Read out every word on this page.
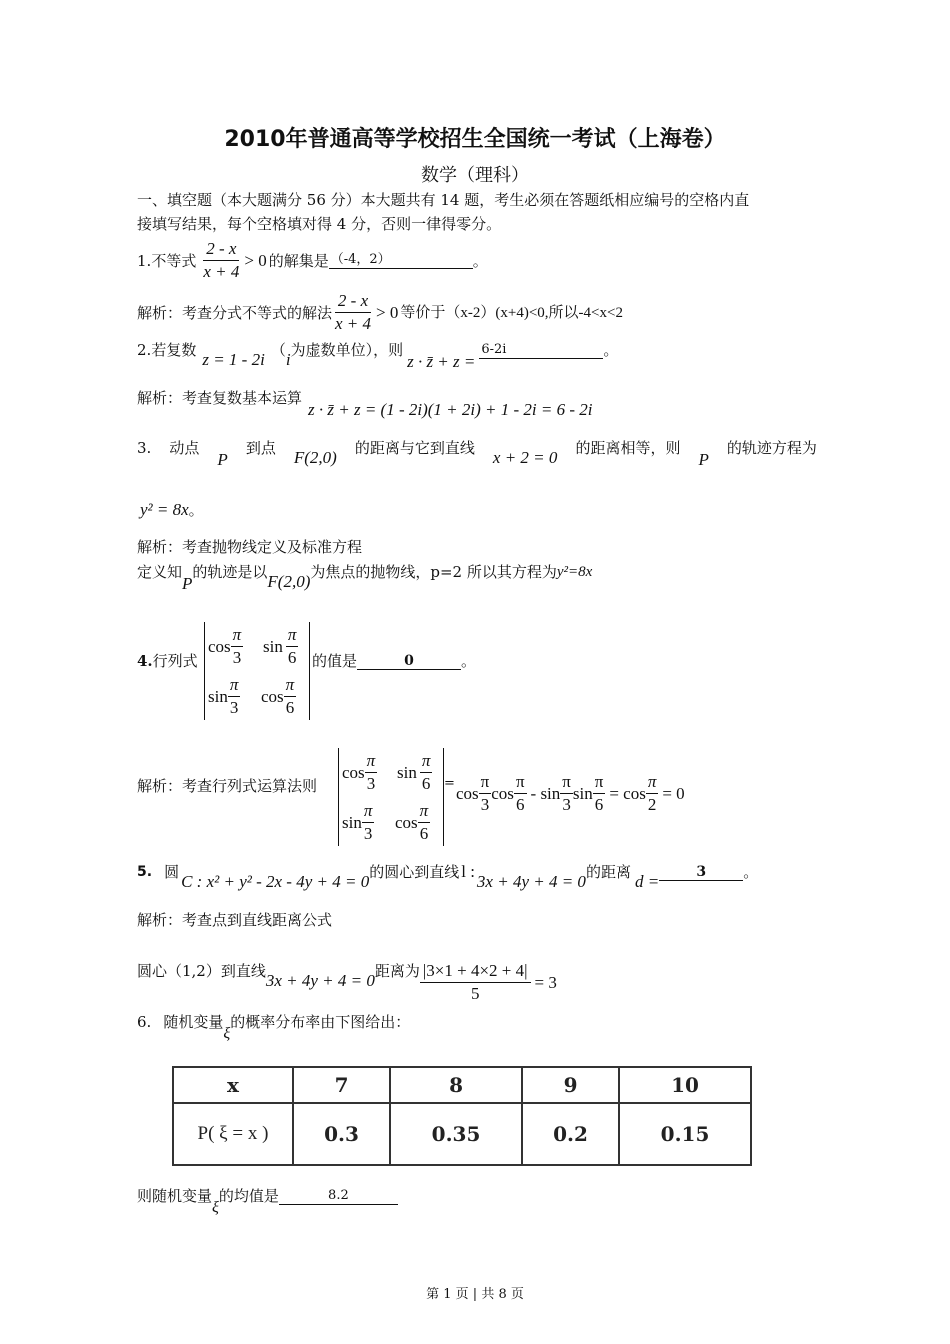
2010年普通高等学校招生全国统一考试（上海卷）
数学（理科）
一、填空题（本大题满分 56 分）本大题共有 14 题，考生必须在答题纸相应编号的空格内直
接填写结果，每个空格填对得 4 分，否则一律得零分。
1. 不等式 $\frac{2 - x}{x + 4} > 0$ 的解集是 （-4，2）	。
解析：考查分式不等式的解法 $\frac{2 - x}{x + 4} > 0$ 等价于（x-2）(x+4)<0,所以-4<x<2
2. 若复数 z = 1 - 2i （ i 为虚数单位），则
z · z̄ + z =
6-2i	。
解析：考查复数基本运算
z · z̄ + z = (1 - 2i)(1 + 2i) + 1 - 2i = 6 - 2i
3. 动点
P
到点 F(2,0) 的距离与它到直线 x + 2 = 0 的距离相等，则
P
的轨迹方程为
y² = 8x 。
解析：考查抛物线定义及标准方程
定义知
P
的轨迹是以 F(2,0) 为焦点的抛物线，p=2 所以其方程为 y²=8x
4. 行列式
$\cos \frac{\pi}{3}$ $\sin \frac{\pi}{6}$
$\sin \frac{\pi}{3}$ $\cos \frac{\pi}{6}$
的值是	0	。
解析：考查行列式运算法则
$\cos \frac{\pi}{3}$ $\sin \frac{\pi}{6}$
$\sin \frac{\pi}{3}$ $\cos \frac{\pi}{6}$
= $\cos \frac{\pi}{3}$ $\cos \frac{\pi}{6}$ - $\sin \frac{\pi}{3}$ $\sin \frac{\pi}{6} = \cos \frac{\pi}{2} = 0$
5. 圆 C : x² + y² - 2x - 4y + 4 = 0 的圆心到直线 l :
3x + 4y + 4 = 0 的距离 d =
3	。
解析：考查点到直线距离公式
圆心（1,2）到直线 3x + 4y + 4 = 0 距离为 $\frac{|3\times 1 + 4\times 2 + 4|}{5} = 3$
6. 随机变量
ξ
的概率分布率由下图给出：
x	7	8	9	10
P( ξ = x )	0.3	0.35	0.2	0.15
则随机变量
ξ
的均值是	8.2
第 1 页 | 共 8 页
